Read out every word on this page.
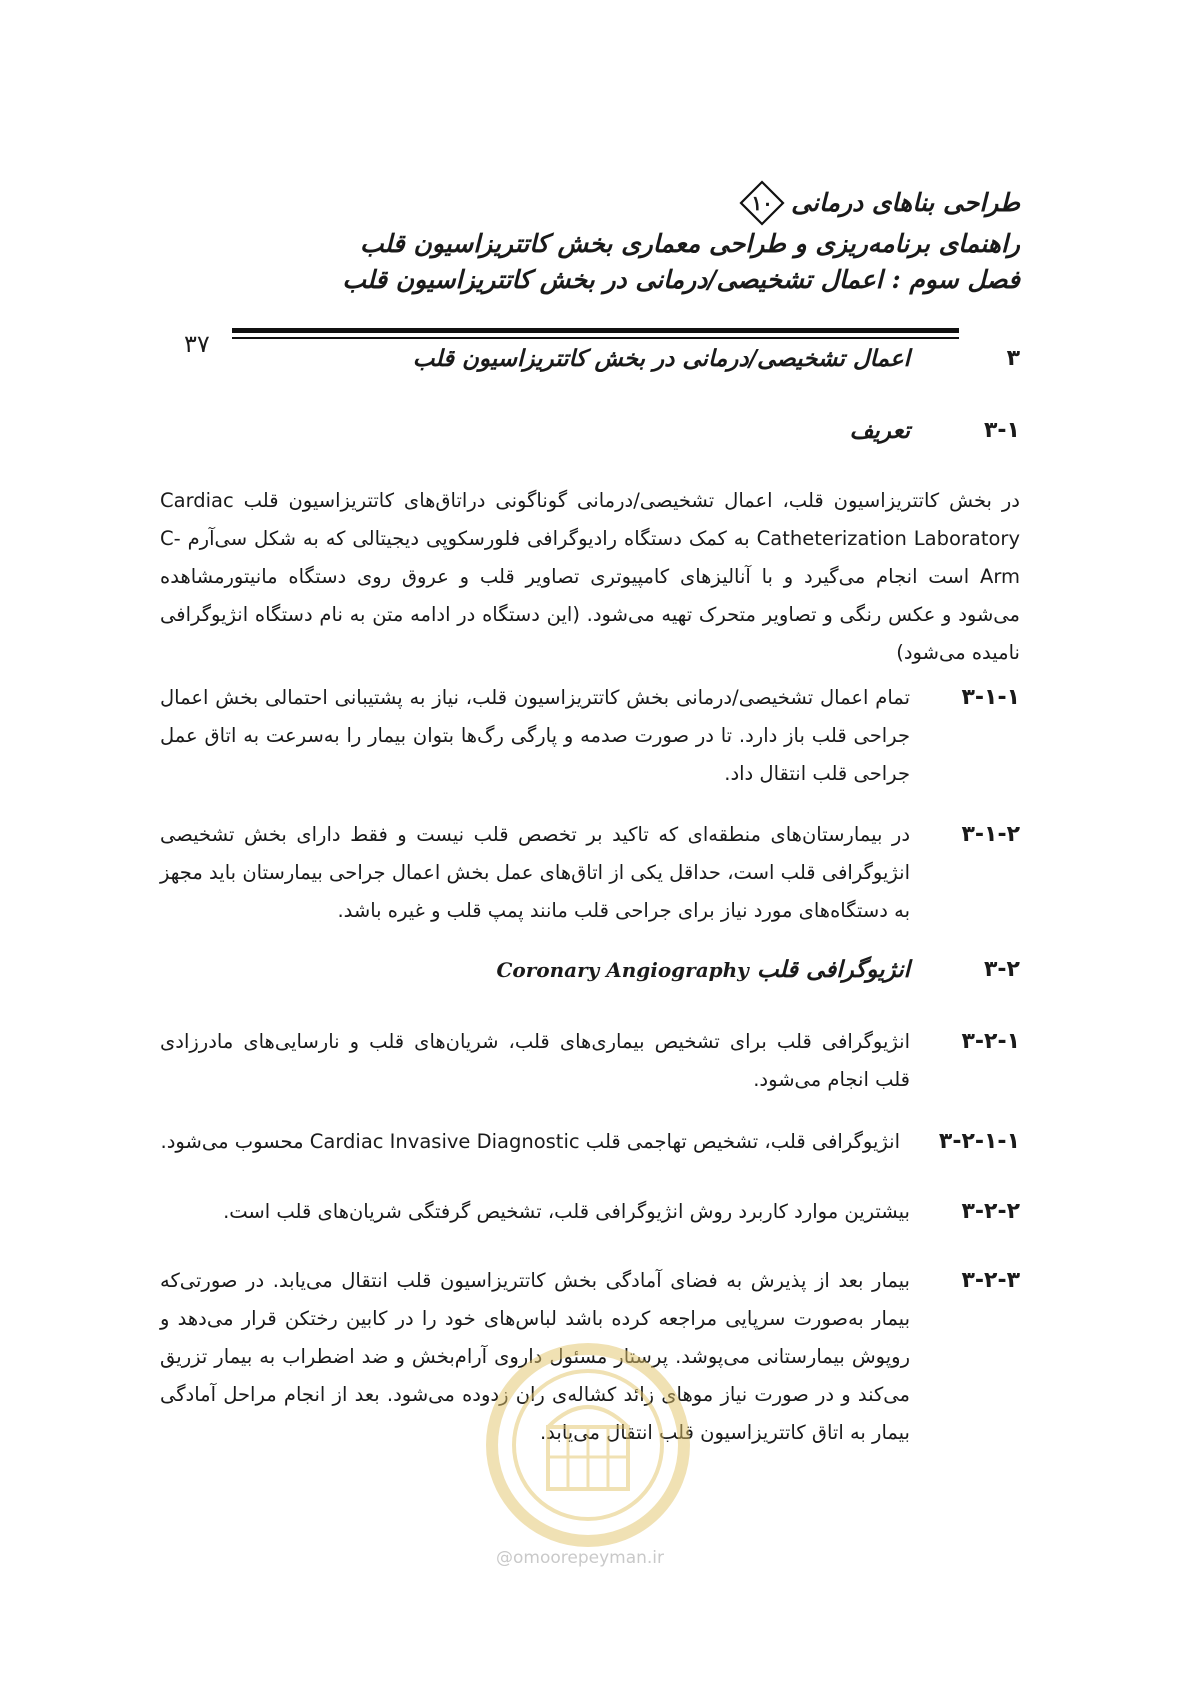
طراحی بناهای درمانی
۱۰
راهنمای برنامه‌ریزی و طراحی معماری بخش کاتتریزاسیون قلب
فصل سوم : اعمال تشخیصی/درمانی در بخش کاتتریزاسیون قلب
۳۷
۳
اعمال تشخیصی/درمانی در بخش کاتتریزاسیون قلب
۳-۱
تعریف
در بخش کاتتریزاسیون قلب، اعمال تشخیصی/درمانی گوناگونی دراتاق‌های کاتتریزاسیون قلب Cardiac Catheterization Laboratory به کمک دستگاه رادیوگرافی فلورسکوپی دیجیتالی که به شکل سی‌آرم C-Arm است انجام می‌گیرد و با آنالیزهای کامپیوتری تصاویر قلب و عروق روی دستگاه مانیتورمشاهده می‌شود و عکس رنگی و تصاویر متحرک تهیه می‌شود. (این دستگاه در ادامه متن به نام دستگاه انژیوگرافی نامیده می‌شود)
۳-۱-۱
تمام اعمال تشخیصی/درمانی بخش کاتتریزاسیون قلب، نیاز به پشتیبانی احتمالی بخش اعمال جراحی قلب باز دارد. تا در صورت صدمه و پارگی رگ‌ها بتوان بیمار را به‌سرعت به اتاق عمل جراحی قلب انتقال داد.
۳-۱-۲
در بیمارستان‌های منطقه‌ای که تاکید بر تخصص قلب نیست و فقط دارای بخش تشخیصی انژیوگرافی قلب است، حداقل یکی از اتاق‌های عمل بخش اعمال جراحی بیمارستان باید مجهز به دستگاه‌های مورد نیاز برای جراحی قلب مانند پمپ قلب و غیره باشد.
۳-۲
انژیوگرافی قلب Coronary Angiography
۳-۲-۱
انژیوگرافی قلب برای تشخیص بیماری‌های قلب، شریان‌های قلب و نارسایی‌های مادرزادی قلب انجام می‌شود.
۳-۲-۱-۱
انژیوگرافی قلب، تشخیص تهاجمی قلب Cardiac Invasive Diagnostic محسوب می‌شود.
۳-۲-۲
بیشترین موارد کاربرد روش انژیوگرافی قلب، تشخیص گرفتگی شریان‌های قلب است.
۳-۲-۳
بیمار بعد از پذیرش به فضای آمادگی بخش کاتتریزاسیون قلب انتقال می‌یابد. در صورتی‌که بیمار به‌صورت سرپایی مراجعه کرده باشد لباس‌های خود را در کابین رختکن قرار می‌دهد و روپوش بیمارستانی می‌پوشد. پرستار مسئول داروی آرام‌بخش و ضد اضطراب به بیمار تزریق می‌کند و در صورت نیاز موهای زائد کشاله‌ی ران زدوده می‌شود. بعد از انجام مراحل آمادگی بیمار به اتاق کاتتریزاسیون قلب انتقال می‌یابد.
@omoorepeyman.ir
